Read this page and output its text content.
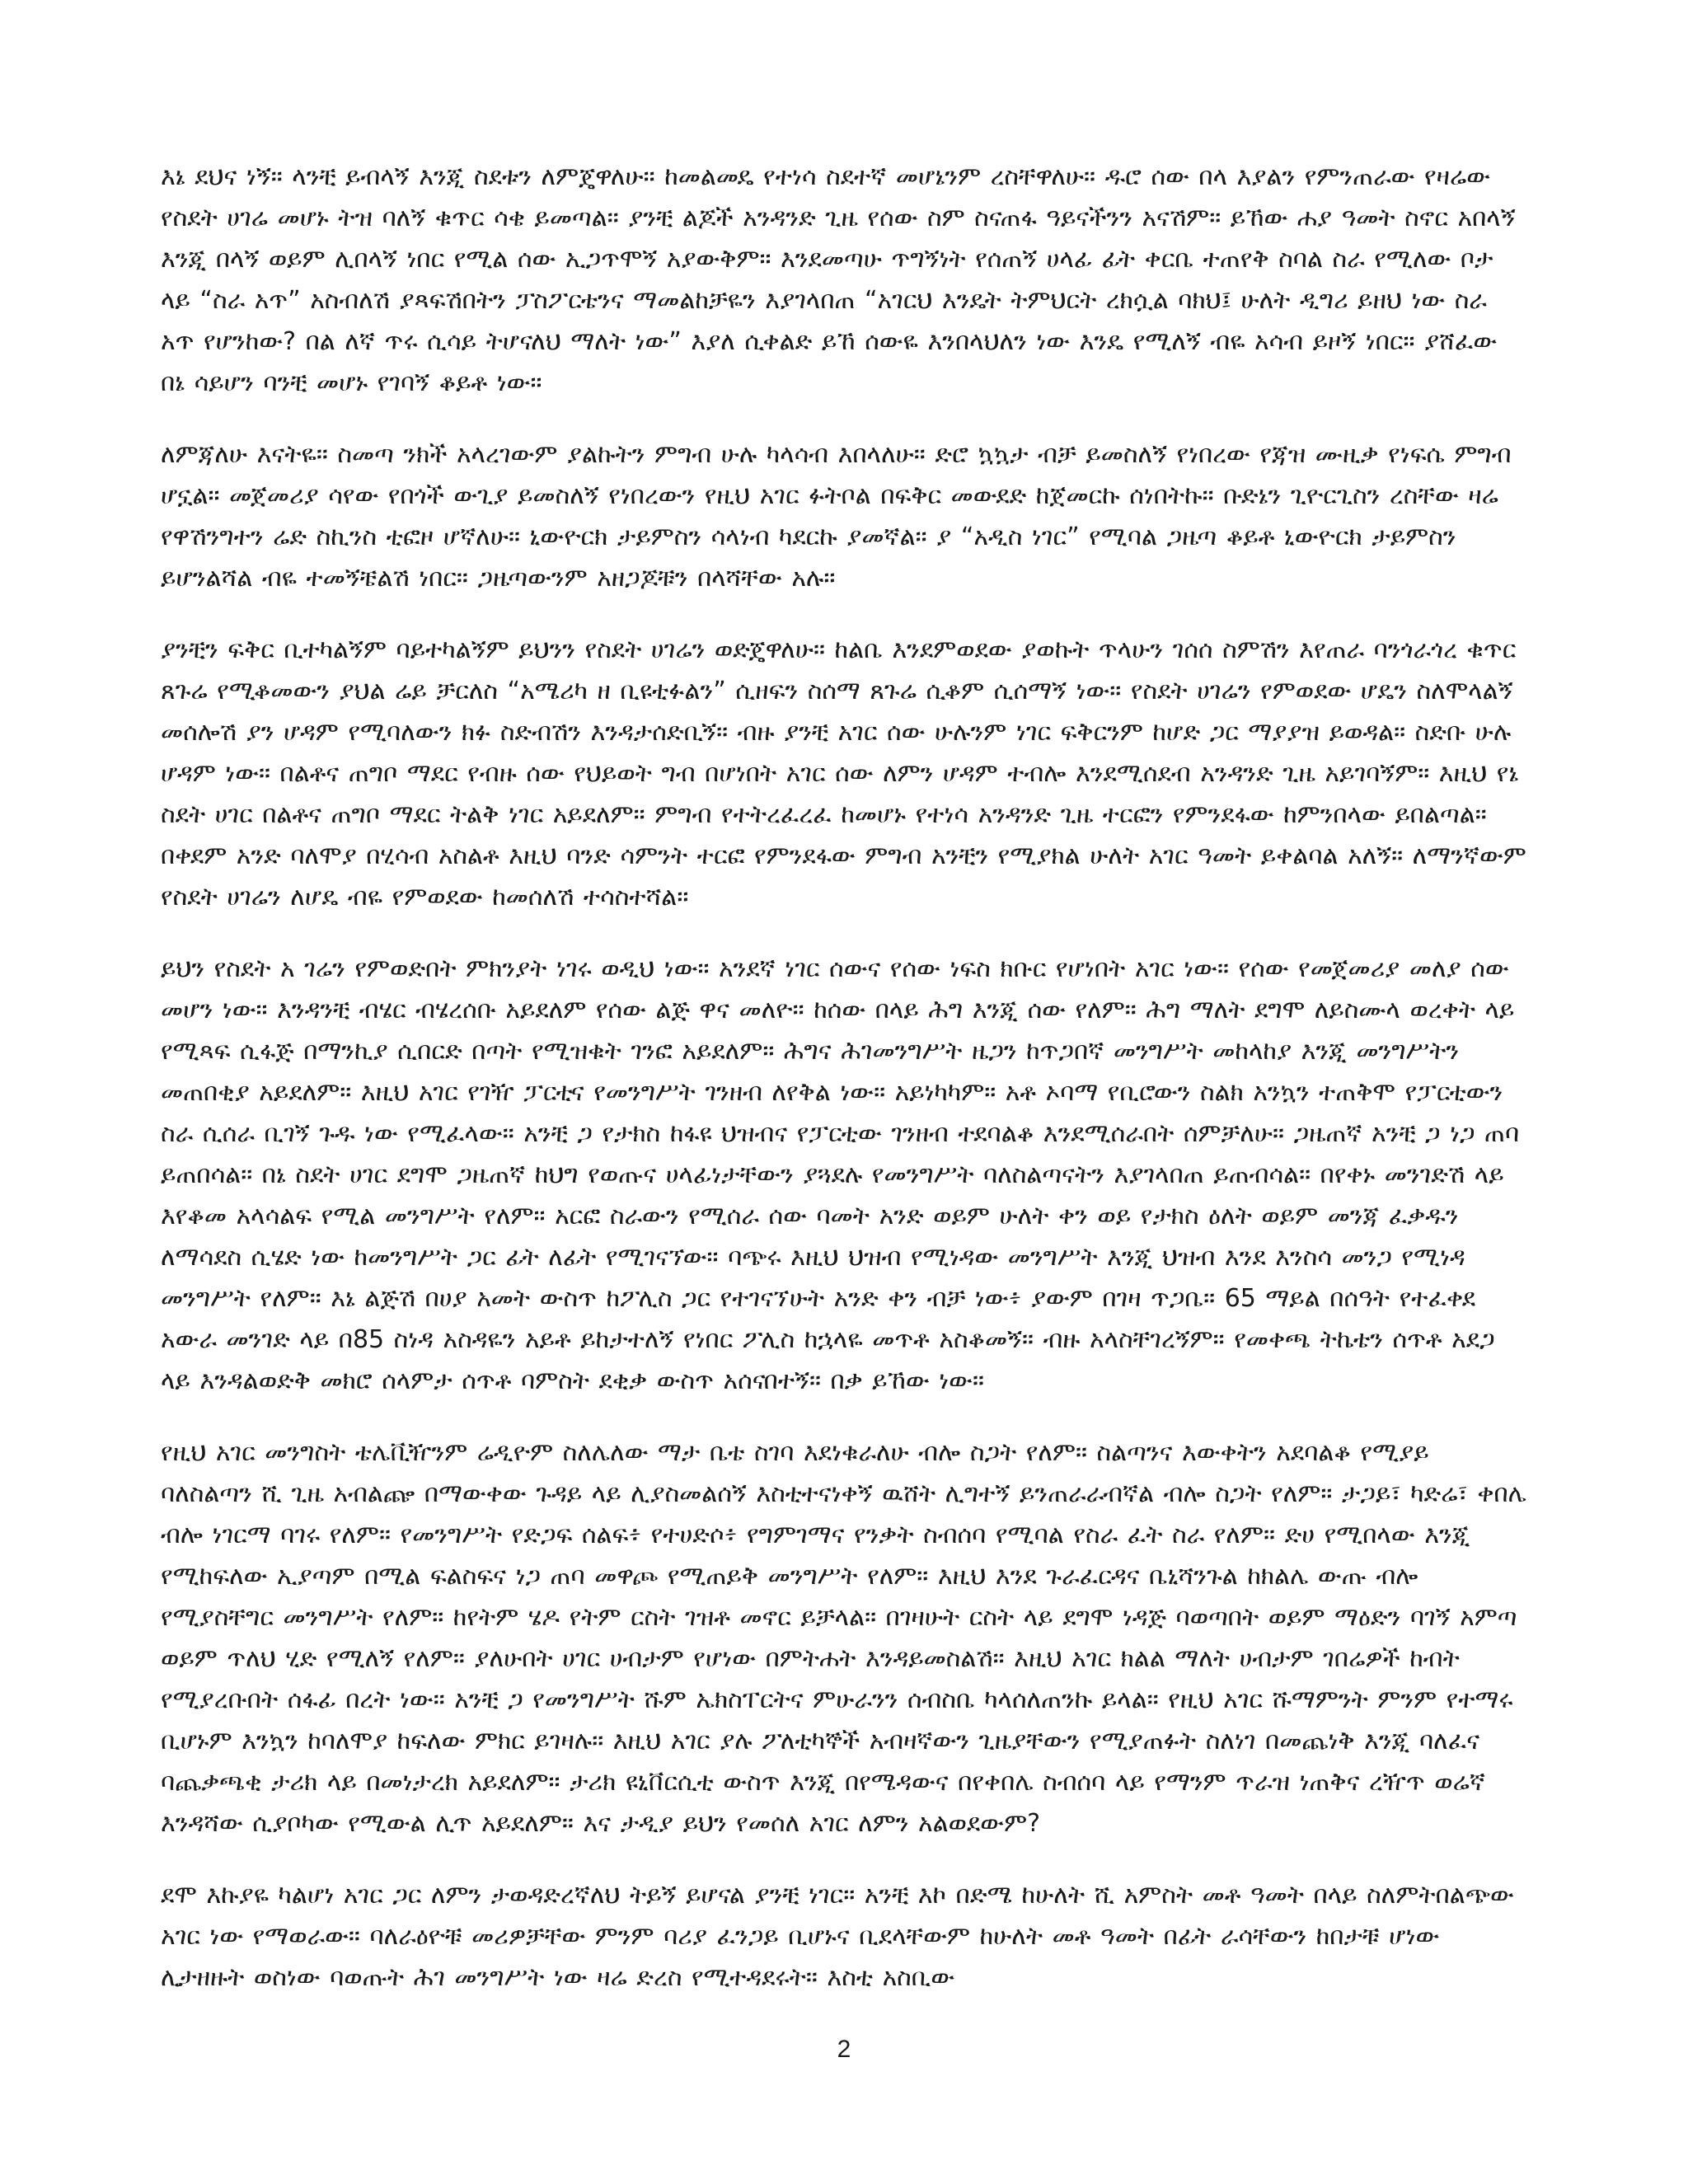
እኔ ደህና ነኝ። ላንቺ ይብላኝ እንጂ ስደቱን ለምጄዋለሁ። ከመልመዴ የተነሳ ስደተኛ መሆኔንም ረስቸዋለሁ። ዱሮ ሰው በላ እያልን የምንጠራው የዛሬው የስደት ሀገሬ መሆኑ ትዝ ባለኝ ቁጥር ሳቄ ይመጣል። ያንቺ ልጆች አንዳንድ ጊዜ የሰው ስም ስናጠፋ ዓይናችንን አናሽም። ይኸው ሐያ ዓመት ስኖር አበላኝ እንጂ በላኝ ወይም ሊበላኝ ነበር የሚል ሰው ኢጋጥሞኝ አያውቅም። እንደመጣሁ ጥግኝነት የሰጠኝ ሀላፊ ፊት ቀርቤ ተጠየቅ ስባል ስራ የሚለው ቦታ ላይ “ስራ አጥ” አስብለሽ ያጻፍሽበትን ፓስፖርቴንና ማመልከቻዬን እያገላበጠ “አገርህ እንዴት ትምህርት ረክሷል ባክህ፤ ሁለት ዲግሪ ይዘህ ነው ስራ አጥ የሆንከው? በል ለኛ ጥሩ ሲሳይ ትሆናለህ ማለት ነው” እያለ ሲቀልድ ይኸ ሰውዬ እንበላህለን ነው እንዴ የሚለኝ ብዬ አሳብ ይዞኝ ነበር። ያሸፈው በኔ ሳይሆን ባንቺ መሆኑ የገባኝ ቆይቶ ነው።

ለምጃለሁ እናትዬ። ስመጣ ንክች አላረገውም ያልኩትን ምግብ ሁሉ ካላሳብ እበላለሁ። ድሮ ኳኳታ ብቻ ይመስለኝ የነበረው የጃዝ ሙዚቃ የነፍሴ ምግብ ሆኗል። መጀመሪያ ሳየው የበጎች ውጊያ ይመስለኝ የነበረውን የዚህ አገር ፉትቦል በፍቅር መውደድ ከጀመርኩ ሰነበትኩ። ቡድኔን ጊዮርጊስን ረስቸው ዛሬ የዋሽንግተን ሬድ ስኪንስ ቲፎዞ ሆኛለሁ። ኒውዮርክ ታይምስን ሳላነብ ካደርኩ ያመኛል። ያ “አዲስ ነገር” የሚባል ጋዜጣ ቆይቶ ኒውዮርክ ታይምስን ይሆንልሻል ብዬ ተመኝቼልሽ ነበር። ጋዜጣውንም አዘጋጆቹን በላሻቸው አሉ።

ያንቺን ፍቅር ቢተካልኝም ባይተካልኝም ይህንን የስደት ሀገሬን ወድጄዋለሁ። ከልቤ እንደምወደው ያወኩት ጥላሁን ገሰሰ ስምሽን እየጠራ ባንጎራጎረ ቁጥር ጸጉሬ የሚቆመውን ያህል ሬይ ቻርለስ “አሜሪካ ዘ ቢዩቲፉልን” ሲዘፍን ስሰማ ጸጉሬ ሲቆም ሲሰማኝ ነው። የስደት ሀገሬን የምወደው ሆዴን ስለሞላልኝ መሰሎሽ ያን ሆዳም የሚባለውን ክፉ ስድብሽን እንዳታሰድቢኝ። ብዙ ያንቺ አገር ሰው ሁሉንም ነገር ፍቅርንም ከሆድ ጋር ማያያዝ ይወዳል። ስድቡ ሁሉ ሆዳም ነው። በልቶና ጠግቦ ማደር የብዙ ሰው የህይወት ግብ በሆነበት አገር ሰው ለምን ሆዳም ተብሎ እንደሚሰደብ አንዳንድ ጊዜ አይገባኝም። እዚህ የኔ ስደት ሀገር በልቶና ጠግቦ ማደር ትልቅ ነገር አይደለም። ምግብ የተትረፈረፈ ከመሆኑ የተነሳ አንዳንድ ጊዜ ተርፎን የምንደፋው ከምንበላው ይበልጣል። በቀደም አንድ ባለሞያ በሂሳብ አስልቶ እዚህ ባንድ ሳምንት ተርፎ የምንደፋው ምግብ አንቺን የሚያክል ሁለት አገር ዓመት ይቀልባል አለኝ። ለማንኛውም የስደት ሀገሬን ለሆዴ ብዬ የምወደው ከመሰለሽ ተሳስተሻል።

ይህን የስደት አ ገሬን የምወድበት ምክንያት ነገሩ ወዲህ ነው። አንደኛ ነገር ሰውና የሰው ነፍስ ክቡር የሆነበት አገር ነው። የሰው የመጀመሪያ መለያ ሰው መሆን ነው። እንዳንቺ ብሄር ብሄረሰቡ አይደለም የሰው ልጅ ዋና መለዮ። ከሰው በላይ ሕግ እንጂ ሰው የለም። ሕግ ማለት ደግሞ ለይስሙላ ወረቀት ላይ የሚጻፍ ሲፋጅ በማንኪያ ሲበርድ በጣት የሚዝቁት ገንፎ አይደለም። ሕግና ሕገመንግሥት ዜጋን ከጥጋበኛ መንግሥት መከላከያ እንጂ መንግሥትን መጠበቂያ አይደለም። እዚህ አገር የገዥ ፓርቲና የመንግሥት ገንዘብ ለየቅል ነው። አይነካካም። አቶ ኦባማ የቢሮውን ስልክ አንኳን ተጠቅሞ የፓርቲውን ስራ ሲሰራ ቢገኝ ጉዱ ነው የሚፈላው። አንቺ ጋ የታክስ ከፋዩ ህዝብና የፓርቲው ገንዘብ ተደባልቆ እንደሚሰራበት ሰምቻለሁ። ጋዜጠኛ አንቺ ጋ ነጋ ጠባ ይጠበሳል። በኔ ስደት ሀገር ደግሞ ጋዜጠኛ ከህግ የወጡና ሀላፊነታቸውን ያጓደሉ የመንግሥት ባለስልጣናትን እያገላበጠ ይጠብሳል። በየቀኑ መንገድሽ ላይ እየቆመ አላሳልፍ የሚል መንግሥት የለም። አርፎ ስራውን የሚሰራ ሰው ባመት አንድ ወይም ሁለት ቀን ወይ የታክስ ዕለት ወይም መንጃ ፈቃዱን ለማሳደስ ሲሄድ ነው ከመንግሥት ጋር ፊት ለፊት የሚገናኘው። ባጭሩ እዚህ ህዝብ የሚነዳው መንግሥት እንጂ ህዝብ እንደ እንስሳ መንጋ የሚነዳ መንግሥት የለም። እኔ ልጅሽ በሀያ አመት ውስጥ ከፖሊስ ጋር የተገናኘሁት አንድ ቀን ብቻ ነው፥ ያውም በገዛ ጥጋቤ። 65 ማይል በሰዓት የተፈቀደ አውራ መንገድ ላይ በ85 ስነዳ አስዳዬን አይቶ ይከታተለኝ የነበር ፖሊስ ከኋላዬ መጥቶ አስቆመኝ። ብዙ አላስቸገረኝም። የመቀጫ ትኬቴን ሰጥቶ አደጋ ላይ እንዳልወድቅ መክሮ ሰላምታ ሰጥቶ ባምስት ደቂቃ ውስጥ አሰናበተኝ። በቃ ይኸው ነው።

የዚህ አገር መንግስት ቴሌቪዥንም ሬዲዮም ስለሌለው ማታ ቤቴ ስገባ እደነቁራለሁ ብሎ ስጋት የለም። ስልጣንና እውቀትን አደባልቆ የሚያይ ባለስልጣን ሺ ጊዜ አብልጬ በማውቀው ጉዳይ ላይ ሊያስመልሰኝ እስቲተናነቀኝ ዉሸት ሊግተኝ ይንጠራራብኛል ብሎ ስጋት የለም። ታጋይ፣ ካድሬ፣ ቀበሌ ብሎ ነገርማ ባገሩ የለም። የመንግሥት የድጋፍ ሰልፍ፥ የተሀድሶ፥ የግምገማና የንቃት ስብሰባ የሚባል የስራ ፈት ስራ የለም። ድሀ የሚበላው እንጂ የሚከፍለው ኢያጣም በሚል ፍልስፍና ነጋ ጠባ መዋጮ የሚጠይቅ መንግሥት የለም። እዚህ እንደ ጉራፈርዳና ቤኒሻንጉል ከክልሌ ውጡ ብሎ የሚያስቸግር መንግሥት የለም። ከየትም ሄዶ የትም ርስት ገዝቶ መኖር ይቻላል። በገዛሁት ርስት ላይ ደግሞ ነዳጅ ባወጣበት ወይም ማዕድን ባገኝ አምጣ ወይም ጥለህ ሂድ የሚለኝ የለም። ያለሁበት ሀገር ሀብታም የሆነው በምትሐት እንዳይመስልሽ። እዚህ አገር ክልል ማለት ሀብታም ገበሬዎች ከብት የሚያረቡበት ሰፋፊ በረት ነው። አንቺ ጋ የመንግሥት ሹም ኤክስፐርትና ምሁራንን ሰብስቤ ካላሰለጠንኩ ይላል። የዚህ አገር ሹማምንት ምንም የተማሩ ቢሆኑም እንኳን ከባለሞያ ከፍለው ምክር ይገዛሉ። እዚህ አገር ያሉ ፖለቲካኞች አብዛኛውን ጊዜያቸውን የሚያጠፉት ስለነገ በመጨነቅ እንጂ ባለፈና ባጨቃጫቂ ታሪክ ላይ በመነታረክ አይደለም። ታሪክ ዩኒቨርሲቲ ውስጥ እንጂ በየሜዳውና በየቀበሌ ስብሰባ ላይ የማንም ጥራዝ ነጠቅና ረዥጥ ወሬኛ እንዳሻው ሲያቦካው የሚውል ሊጥ አይደለም። እና ታዲያ ይህን የመሰለ አገር ለምን አልወደውም?

ደሞ እኩያዬ ካልሆነ አገር ጋር ለምን ታወዳድረኛለህ ትይኝ ይሆናል ያንቺ ነገር። አንቺ እኮ በድሜ ከሁለት ሺ አምስት መቶ ዓመት በላይ ስለምትበልጭው አገር ነው የማወራው። ባለራዕዮቹ መሪዎቻቸው ምንም ባሪያ ፈንጋይ ቢሆኑና ቢደላቸውም ከሁለት መቶ ዓመት በፊት ራሳቸውን ከበታቹ ሆነው ሊታዘዙት ወስነው ባወጡት ሕገ መንግሥት ነው ዛሬ ድረስ የሚተዳደሩት። እስቲ አስቢው

2
